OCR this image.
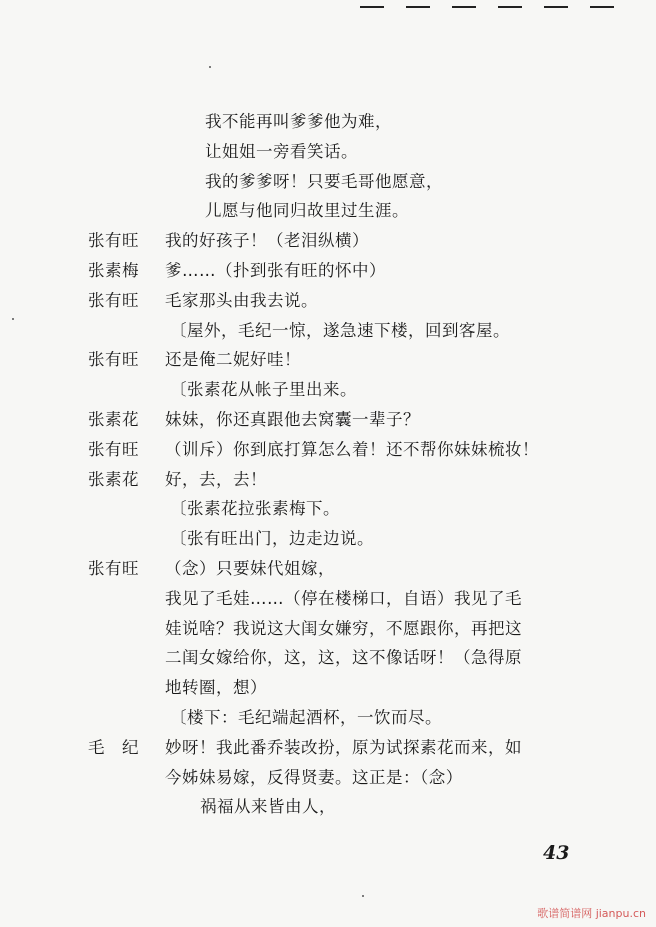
我不能再叫爹爹他为难，
让姐姐一旁看笑话。
我的爹爹呀！只要毛哥他愿意，
儿愿与他同归故里过生涯。
张有旺 我的好孩子！（老泪纵横）
张素梅 爹……（扑到张有旺的怀中）
张有旺 毛家那头由我去说。
〔屋外，毛纪一惊，遂急速下楼，回到客屋。
张有旺 还是俺二妮好哇！
〔张素花从帐子里出来。
张素花 妹妹，你还真跟他去窝囊一辈子？
张有旺 （训斥）你到底打算怎么着！还不帮你妹妹梳妆！
张素花 好，去，去！
〔张素花拉张素梅下。
〔张有旺出门，边走边说。
张有旺 （念）只要妹代姐嫁，
我见了毛娃……（停在楼梯口，自语）我见了毛
娃说啥？我说这大闺女嫌穷，不愿跟你，再把这
二闺女嫁给你，这，这，这不像话呀！（急得原
地转圈，想）
〔楼下：毛纪端起酒杯，一饮而尽。
毛　纪 妙呀！我此番乔装改扮，原为试探素花而来，如
今姊妹易嫁，反得贤妻。这正是：（念）
祸福从来皆由人，
43
歌谱简谱网 jianpu.cn
